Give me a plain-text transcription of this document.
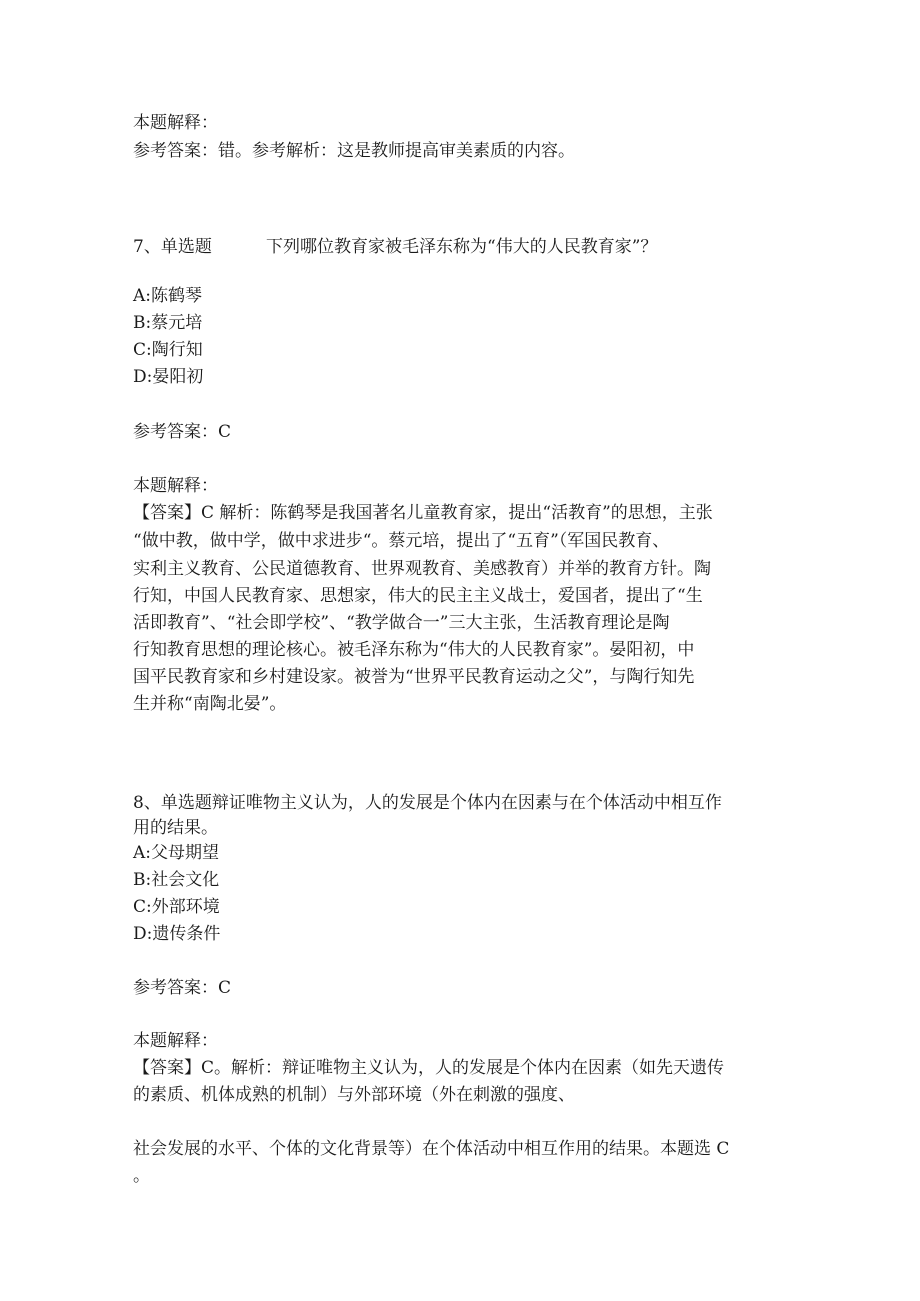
本题解释：
参考答案：错。参考解析：这是教师提高审美素质的内容。
7、单选题	下列哪位教育家被毛泽东称为“伟大的人民教育家”？
A:陈鹤琴
B:蔡元培
C:陶行知
D:晏阳初
参考答案：C
本题解释：
【答案】C 解析：陈鹤琴是我国著名儿童教育家，提出“活教育”的思想，主张
“做中教，做中学，做中求进步“。蔡元培，提出了“五育”（军国民教育、
实利主义教育、公民道德教育、世界观教育、美感教育）并举的教育方针。陶
行知，中国人民教育家、思想家，伟大的民主主义战士，爱国者，提出了“生
活即教育”、“社会即学校”、“教学做合一”三大主张，生活教育理论是陶
行知教育思想的理论核心。被毛泽东称为“伟大的人民教育家”。晏阳初，中
国平民教育家和乡村建设家。被誉为“世界平民教育运动之父”，与陶行知先
生并称“南陶北晏”。
8、单选题辩证唯物主义认为，人的发展是个体内在因素与在个体活动中相互作
用的结果。
A:父母期望
B:社会文化
C:外部环境
D:遗传条件
参考答案：C
本题解释：
【答案】C。解析：辩证唯物主义认为，人的发展是个体内在因素（如先天遗传
的素质、机体成熟的机制）与外部环境（外在刺激的强度、
社会发展的水平、个体的文化背景等）在个体活动中相互作用的结果。本题选 C
。
